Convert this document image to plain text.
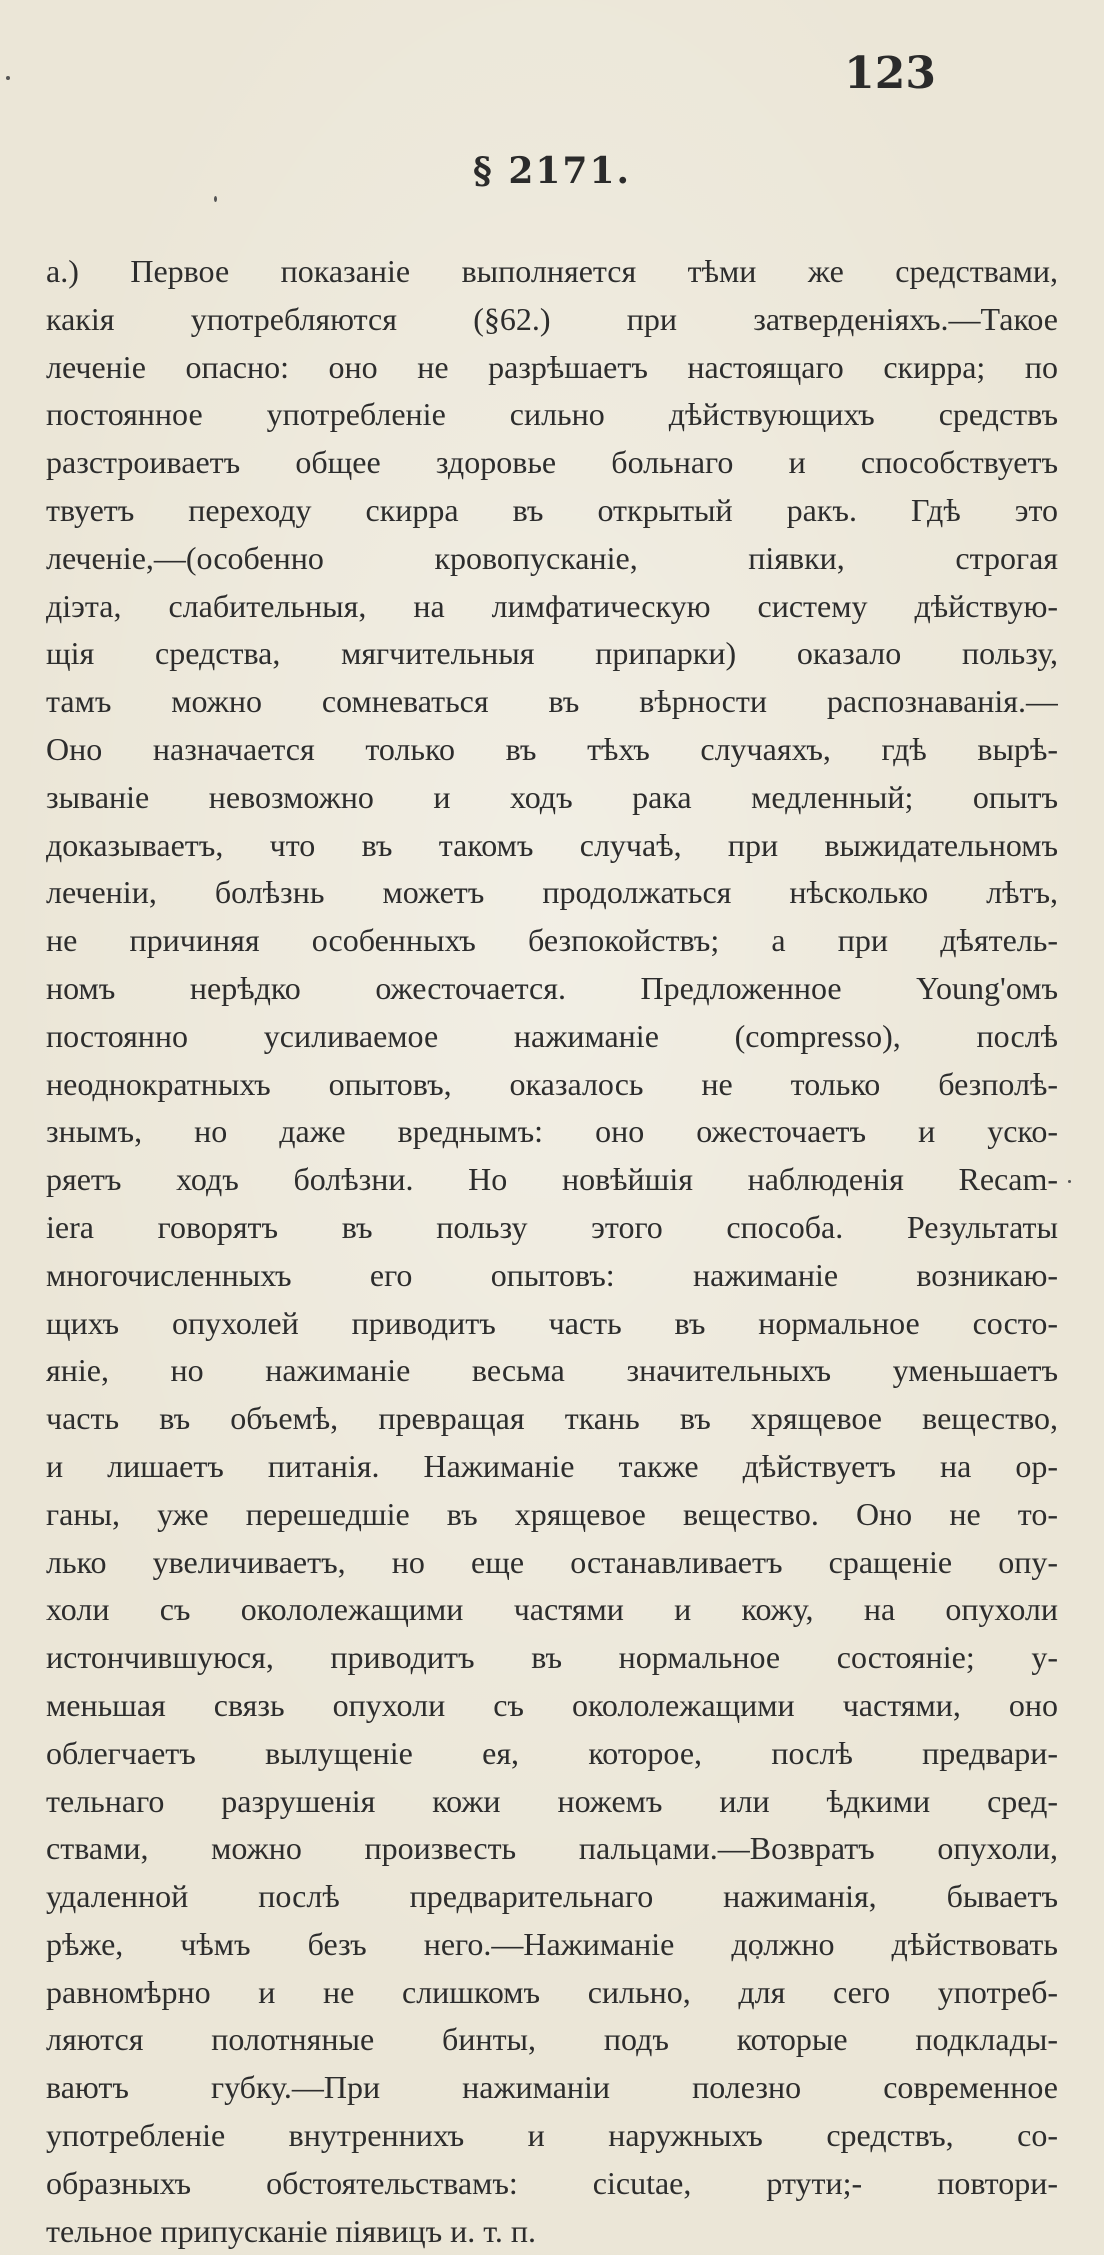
123
§ 2171.
а.) Первое показаніе выполняется тѣми же средствами,
какія употребляются (§62.) при затверденіяхъ.—Такое
леченіе опасно: оно не разрѣшаетъ настоящаго скирра; по
постоянное употребленіе сильно дѣйствующихъ средствъ
разстроиваетъ общее здоровье больнаго и способствуетъ
твуетъ переходу скирра въ открытый ракъ. Гдѣ это
леченіе,—(особенно кровопусканіе, піявки, строгая
діэта, слабительныя, на лимфатическую систему дѣйствую-
щія средства, мягчительныя припарки) оказало пользу,
тамъ можно сомневаться въ вѣрности распознаванія.—
Оно назначается только въ тѣхъ случаяхъ, гдѣ вырѣ-
зываніе невозможно и ходъ рака медленный; опытъ
доказываетъ, что въ такомъ случаѣ, при выжидательномъ
леченіи, болѣзнь можетъ продолжаться нѣсколько лѣтъ,
не причиняя особенныхъ безпокойствъ; а при дѣятель-
номъ нерѣдко ожесточается. Предложенное Young'омъ
постоянно усиливаемое нажиманіе (compresso), послѣ
неоднократныхъ опытовъ, оказалось не только безполѣ-
знымъ, но даже вреднымъ: оно ожесточаетъ и уско-
ряетъ ходъ болѣзни. Но новѣйшія наблюденія Recam-
iera говорятъ въ пользу этого способа. Результаты
многочисленныхъ его опытовъ: нажиманіе возникаю-
щихъ опухолей приводитъ часть въ нормальное состо-
яніе, но нажиманіе весьма значительныхъ уменьшаетъ
часть въ объемѣ, превращая ткань въ хрящевое вещество,
и лишаетъ питанія. Нажиманіе также дѣйствуетъ на ор-
ганы, уже перешедшіе въ хрящевое вещество. Оно не то-
лько увеличиваетъ, но еще останавливаетъ сращеніе опу-
холи съ окололежащими частями и кожу, на опухоли
истончившуюся, приводитъ въ нормальное состояніе; у-
меньшая связь опухоли съ окололежащими частями, оно
облегчаетъ вылущеніе ея, которое, послѣ предвари-
тельнаго разрушенія кожи ножемъ или ѣдкими сред-
ствами, можно произвесть пальцами.—Возвратъ опухоли,
удаленной послѣ предварительнаго нажиманія, бываетъ
рѣже, чѣмъ безъ него.—Нажиманіе должно дѣйствовать
равномѣрно и не слишкомъ сильно, для сего употреб-
ляются полотняные бинты, подъ которые подклады-
ваютъ губку.—При нажиманіи полезно современное
употребленіе внутреннихъ и наружныхъ средствъ, со-
образныхъ обстоятельствамъ: cicutae, ртути;- повтори-
тельное припусканіе піявицъ и. т. п.
